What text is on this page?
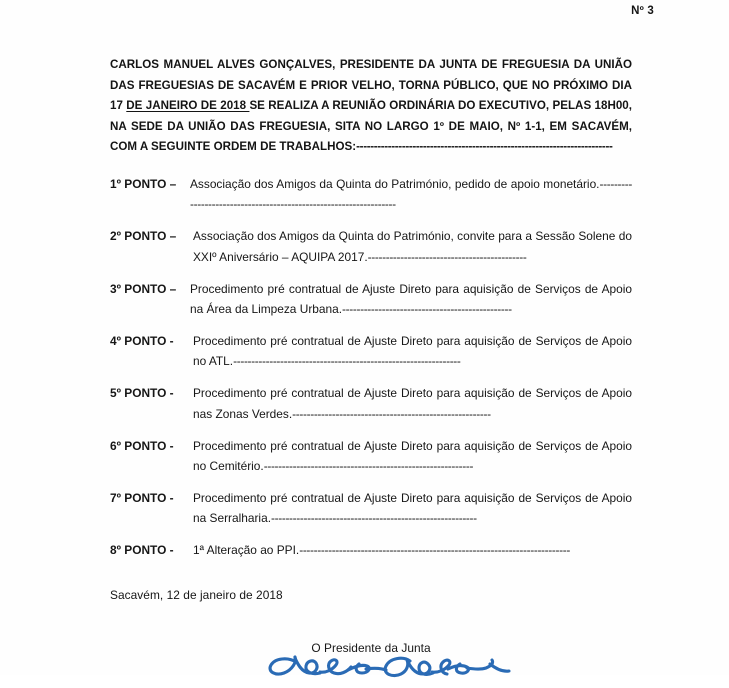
Nº 3

CARLOS MANUEL ALVES GONÇALVES, PRESIDENTE DA JUNTA DE FREGUESIA DA UNIÃO DAS FREGUESIAS DE SACAVÉM E PRIOR VELHO, TORNA PÚBLICO, QUE NO PRÓXIMO DIA 17 DE JANEIRO DE 2018 SE REALIZA A REUNIÃO ORDINÁRIA DO EXECUTIVO, PELAS 18H00, NA SEDE DA UNIÃO DAS FREGUESIA, SITA NO LARGO 1º DE MAIO, Nº 1-1, EM SACAVÉM, COM A SEGUINTE ORDEM DE TRABALHOS:-------------------------------------------------------------------------

1º PONTO – Associação dos Amigos da Quinta do Património, pedido de apoio monetário.------------------------------------------------------------------
2º PONTO – Associação dos Amigos da Quinta do Património, convite para a Sessão Solene do XXIº Aniversário – AQUIPA 2017.--------------------------------------------
3º PONTO – Procedimento pré contratual de Ajuste Direto para aquisição de Serviços de Apoio na Área da Limpeza Urbana.-----------------------------------------------
4º PONTO - Procedimento pré contratual de Ajuste Direto para aquisição de Serviços de Apoio no ATL.---------------------------------------------------------------
5º PONTO - Procedimento pré contratual de Ajuste Direto para aquisição de Serviços de Apoio nas Zonas Verdes.-------------------------------------------------------
6º PONTO - Procedimento pré contratual de Ajuste Direto para aquisição de Serviços de Apoio no Cemitério.----------------------------------------------------------
7º PONTO - Procedimento pré contratual de Ajuste Direto para aquisição de Serviços de Apoio na Serralharia.---------------------------------------------------------
8º PONTO - 1ª Alteração ao PPI.---------------------------------------------------------------------------
Sacavém, 12 de janeiro de 2018
O Presidente da Junta
